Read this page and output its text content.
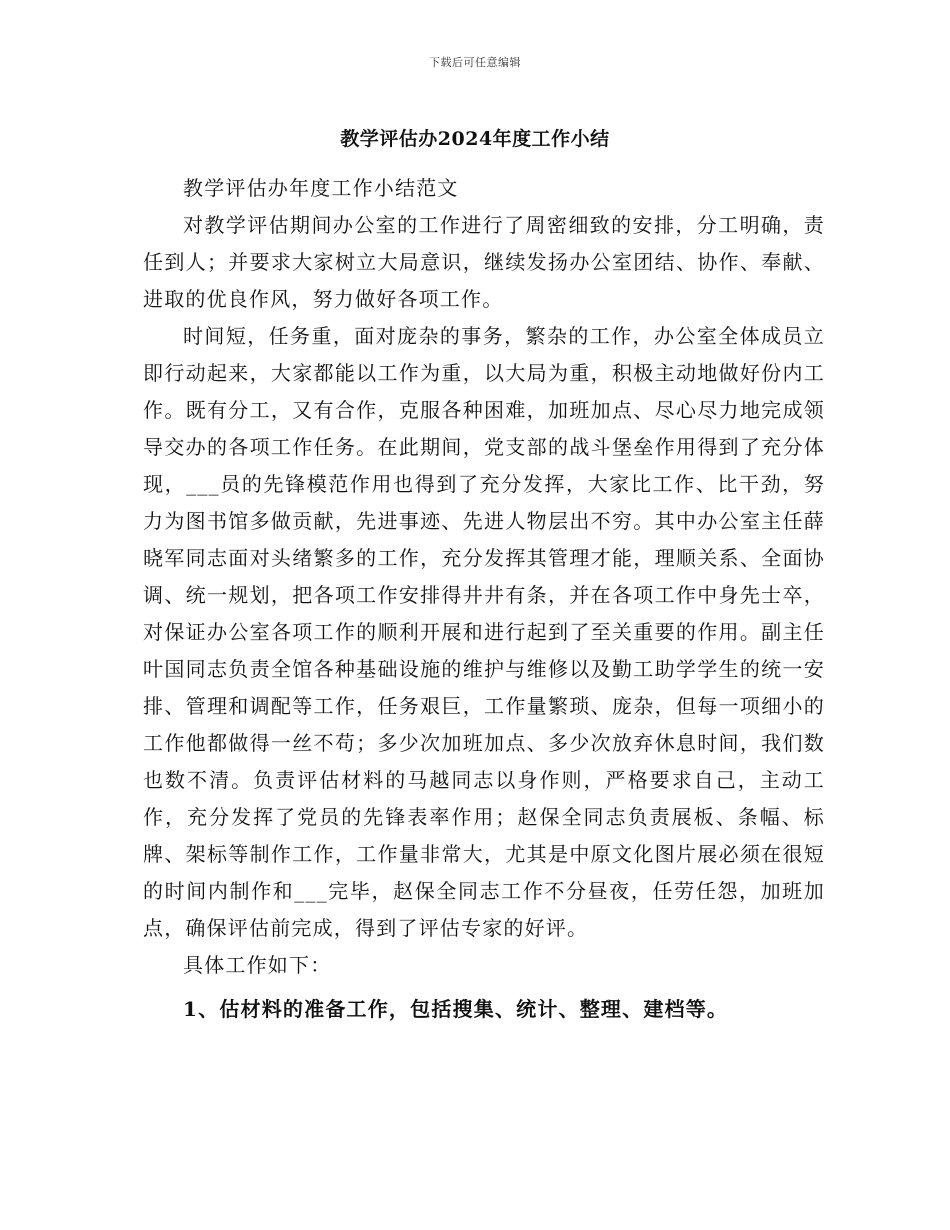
下载后可任意编辑
教学评估办2024年度工作小结

教学评估办年度工作小结范文

对教学评估期间办公室的工作进行了周密细致的安排，分工明确，责任到人；并要求大家树立大局意识，继续发扬办公室团结、协作、奉献、进取的优良作风，努力做好各项工作。

时间短，任务重，面对庞杂的事务，繁杂的工作，办公室全体成员立即行动起来，大家都能以工作为重，以大局为重，积极主动地做好份内工作。既有分工，又有合作，克服各种困难，加班加点、尽心尽力地完成领导交办的各项工作任务。在此期间，党支部的战斗堡垒作用得到了充分体现，___员的先锋模范作用也得到了充分发挥，大家比工作、比干劲，努力为图书馆多做贡献，先进事迹、先进人物层出不穷。其中办公室主任薛晓军同志面对头绪繁多的工作，充分发挥其管理才能，理顺关系、全面协调、统一规划，把各项工作安排得井井有条，并在各项工作中身先士卒，对保证办公室各项工作的顺利开展和进行起到了至关重要的作用。副主任叶国同志负责全馆各种基础设施的维护与维修以及勤工助学学生的统一安排、管理和调配等工作，任务艰巨，工作量繁琐、庞杂，但每一项细小的工作他都做得一丝不苟；多少次加班加点、多少次放弃休息时间，我们数也数不清。负责评估材料的马越同志以身作则，严格要求自己，主动工作，充分发挥了党员的先锋表率作用；赵保全同志负责展板、条幅、标牌、架标等制作工作，工作量非常大，尤其是中原文化图片展必须在很短的时间内制作和___完毕，赵保全同志工作不分昼夜，任劳任怨，加班加点，确保评估前完成，得到了评估专家的好评。

具体工作如下：

1、估材料的准备工作，包括搜集、统计、整理、建档等。
